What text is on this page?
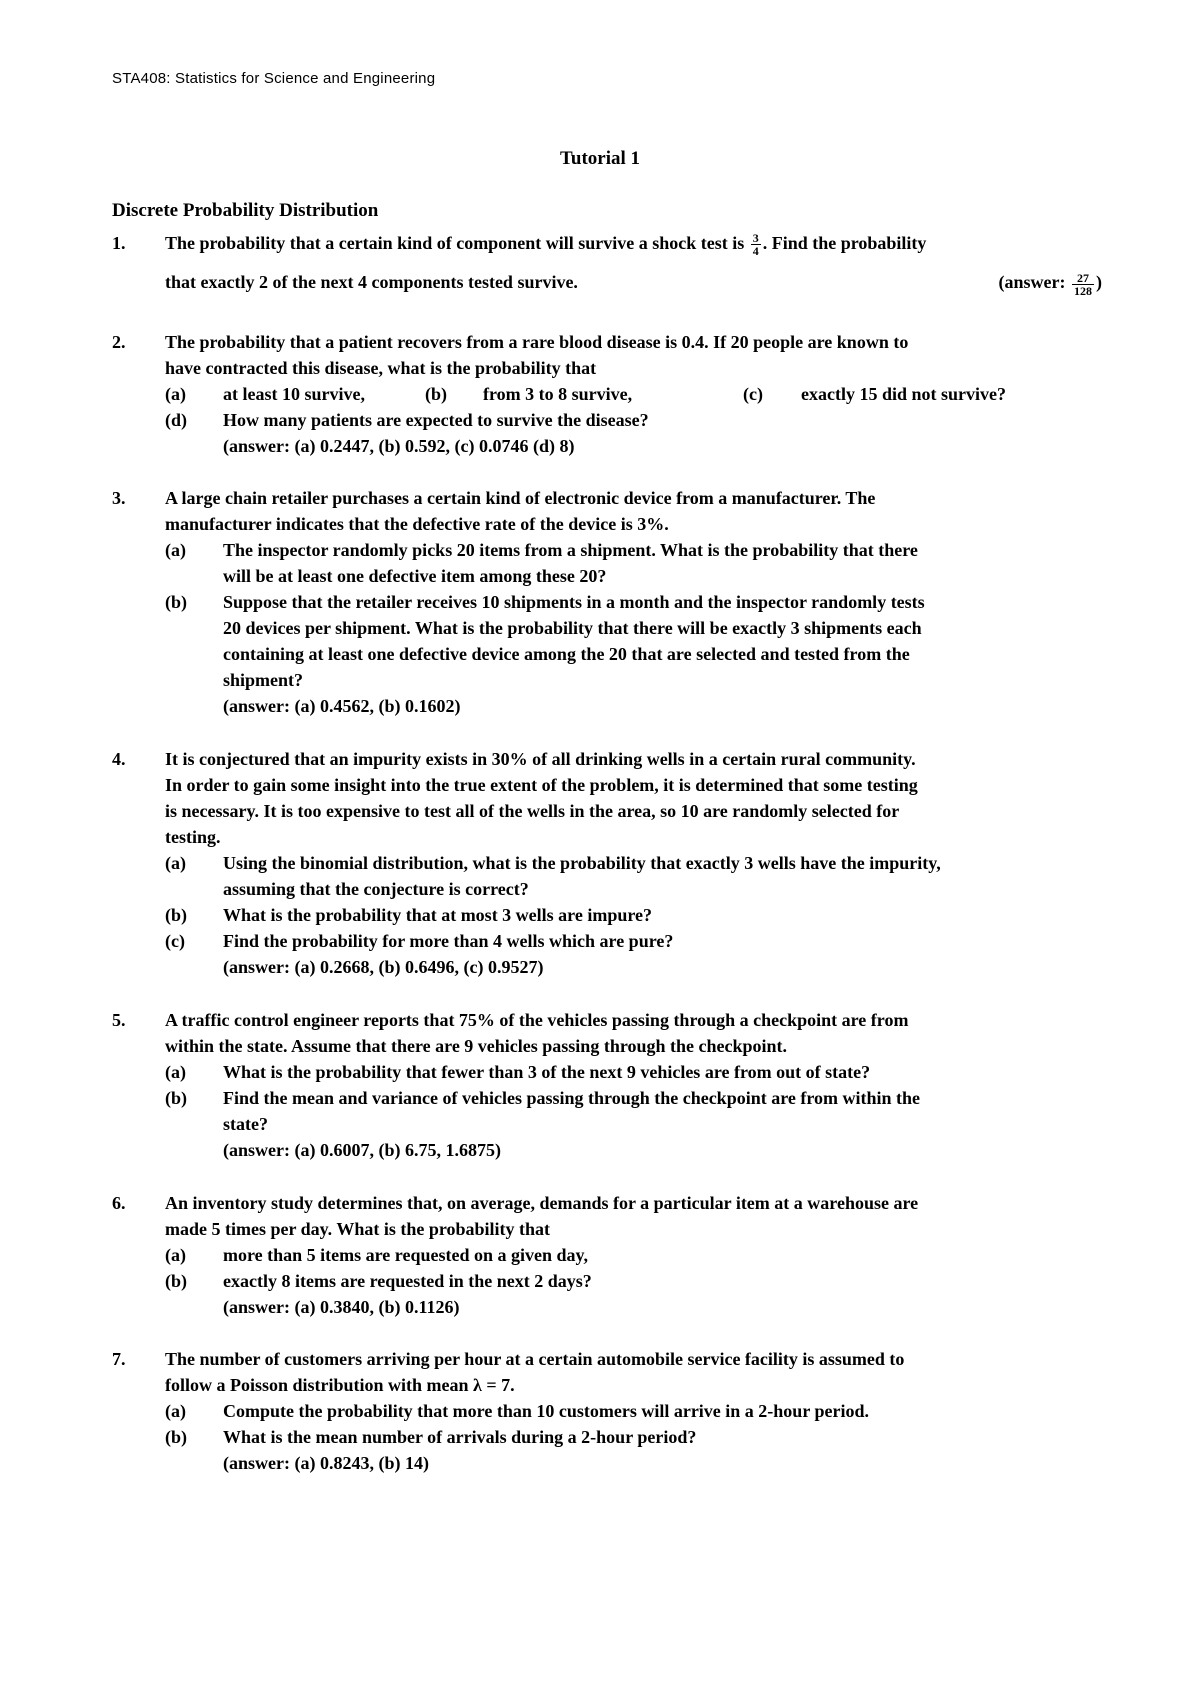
STA408: Statistics for Science and Engineering
Tutorial 1
Discrete Probability Distribution
1.	The probability that a certain kind of component will survive a shock test is $\frac{3}{4}$ . Find the probability
that exactly 2 of the next 4 components tested survive.	(answer: $\frac{27}{128}$ )
2.	The probability that a patient recovers from a rare blood disease is 0.4. If 20 people are known to
have contracted this disease, what is the probability that
(a)	at least 10 survive,	(b)	from 3 to 8 survive,	(c)	exactly 15 did not survive?
(d)	How many patients are expected to survive the disease?
(answer: (a) 0.2447, (b) 0.592, (c) 0.0746 (d) 8)
3.	A large chain retailer purchases a certain kind of electronic device from a manufacturer. The
manufacturer indicates that the defective rate of the device is 3%.
(a)	The inspector randomly picks 20 items from a shipment. What is the probability that there
will be at least one defective item among these 20?
(b)	Suppose that the retailer receives 10 shipments in a month and the inspector randomly tests
20 devices per shipment. What is the probability that there will be exactly 3 shipments each
containing at least one defective device among the 20 that are selected and tested from the
shipment?
(answer: (a) 0.4562, (b) 0.1602)
4.	It is conjectured that an impurity exists in 30% of all drinking wells in a certain rural community.
In order to gain some insight into the true extent of the problem, it is determined that some testing
is necessary. It is too expensive to test all of the wells in the area, so 10 are randomly selected for
testing.
(a)	Using the binomial distribution, what is the probability that exactly 3 wells have the impurity,
assuming that the conjecture is correct?
(b)	What is the probability that at most 3 wells are impure?
(c)	Find the probability for more than 4 wells which are pure?
(answer: (a) 0.2668, (b) 0.6496, (c) 0.9527)
5.	A traffic control engineer reports that 75% of the vehicles passing through a checkpoint are from
within the state. Assume that there are 9 vehicles passing through the checkpoint.
(a)	What is the probability that fewer than 3 of the next 9 vehicles are from out of state?
(b)	Find the mean and variance of vehicles passing through the checkpoint are from within the
state?
(answer: (a) 0.6007, (b) 6.75, 1.6875)
6.	An inventory study determines that, on average, demands for a particular item at a warehouse are
made 5 times per day. What is the probability that
(a)	more than 5 items are requested on a given day,
(b)	exactly 8 items are requested in the next 2 days?
(answer: (a) 0.3840, (b) 0.1126)
7.	The number of customers arriving per hour at a certain automobile service facility is assumed to
follow a Poisson distribution with mean λ = 7.
(a)	Compute the probability that more than 10 customers will arrive in a 2-hour period.
(b)	What is the mean number of arrivals during a 2-hour period?
(answer: (a) 0.8243, (b) 14)
